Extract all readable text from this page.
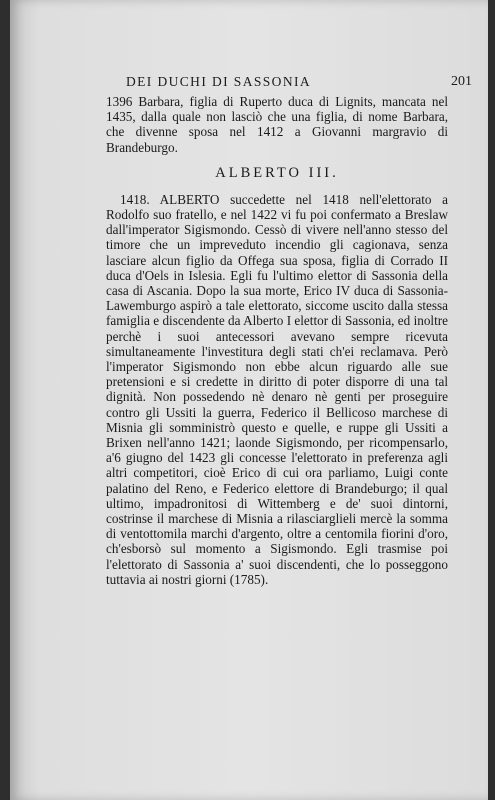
DEI DUCHI DI SASSONIA	201

1396 Barbara, figlia di Ruperto duca di Lignits, mancata nel 1435, dalla quale non lasciò che una figlia, di nome Barbara, che divenne sposa nel 1412 a Giovanni margravio di Brandeburgo.

ALBERTO III.

1418. ALBERTO succedette nel 1418 nell'elettorato a Rodolfo suo fratello, e nel 1422 vi fu poi confermato a Breslaw dall'imperator Sigismondo. Cessò di vivere nell'anno stesso del timore che un impreveduto incendio gli cagionava, senza lasciare alcun figlio da Offega sua sposa, figlia di Corrado II duca d'Oels in Islesia. Egli fu l'ultimo elettor di Sassonia della casa di Ascania. Dopo la sua morte, Erico IV duca di Sassonia-Lawemburgo aspirò a tale elettorato, siccome uscito dalla stessa famiglia e discendente da Alberto I elettor di Sassonia, ed inoltre perchè i suoi antecessori avevano sempre ricevuta simultaneamente l'investitura degli stati ch'ei reclamava. Però l'imperator Sigismondo non ebbe alcun riguardo alle sue pretensioni e si credette in diritto di poter disporre di una tal dignità. Non possedendo nè denaro nè genti per proseguire contro gli Ussiti la guerra, Federico il Bellicoso marchese di Misnia gli somministrò questo e quelle, e ruppe gli Ussiti a Brixen nell'anno 1421; laonde Sigismondo, per ricompensarlo, a'6 giugno del 1423 gli concesse l'elettorato in preferenza agli altri competitori, cioè Erico di cui ora parliamo, Luigi conte palatino del Reno, e Federico elettore di Brandeburgo; il qual ultimo, impadronitosi di Wittemberg e de' suoi dintorni, costrinse il marchese di Misnia a rilasciarglieli mercè la somma di ventottomila marchi d'argento, oltre a centomila fiorini d'oro, ch'esborsò sul momento a Sigismondo. Egli trasmise poi l'elettorato di Sassonia a' suoi discendenti, che lo posseggono tuttavia ai nostri giorni (1785).
